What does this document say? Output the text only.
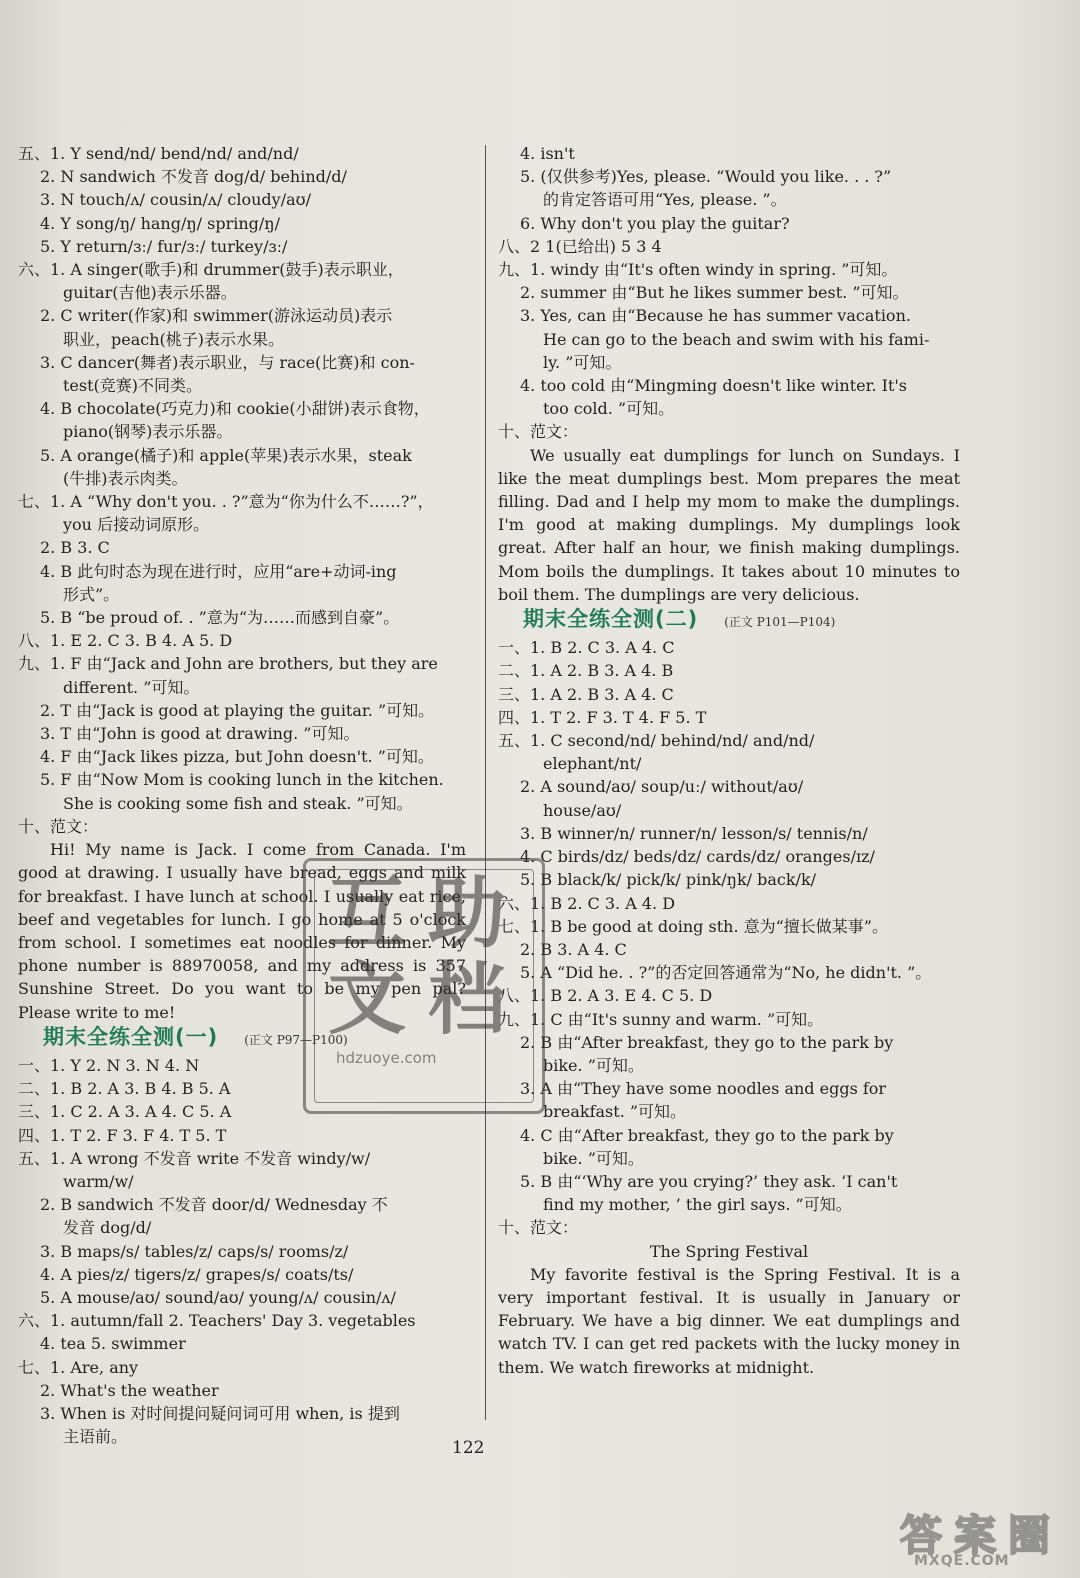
五、1. Y send/nd/ bend/nd/ and/nd/
2. N sandwich 不发音 dog/d/ behind/d/
3. N touch/ʌ/ cousin/ʌ/ cloudy/aʊ/
4. Y song/ŋ/ hang/ŋ/ spring/ŋ/
5. Y return/ɜː/ fur/ɜː/ turkey/ɜː/
六、1. A singer(歌手)和 drummer(鼓手)表示职业，
guitar(吉他)表示乐器。
2. C writer(作家)和 swimmer(游泳运动员)表示
职业，peach(桃子)表示水果。
3. C dancer(舞者)表示职业，与 race(比赛)和 con-
test(竞赛)不同类。
4. B chocolate(巧克力)和 cookie(小甜饼)表示食物，
piano(钢琴)表示乐器。
5. A orange(橘子)和 apple(苹果)表示水果，steak
(牛排)表示肉类。
七、1. A “Why don't you. . ?”意为“你为什么不……?”，
you 后接动词原形。
2. B 3. C
4. B 此句时态为现在进行时，应用“are+动词-ing
形式”。
5. B “be proud of. . ”意为“为……而感到自豪”。
八、1. E 2. C 3. B 4. A 5. D
九、1. F 由“Jack and John are brothers, but they are
different. ”可知。
2. T 由“Jack is good at playing the guitar. ”可知。
3. T 由“John is good at drawing. ”可知。
4. F 由“Jack likes pizza, but John doesn't. ”可知。
5. F 由“Now Mom is cooking lunch in the kitchen.
She is cooking some fish and steak. ”可知。
十、范文：
Hi! My name is Jack. I come from Canada. I'm good at drawing. I usually have bread, eggs and milk for breakfast. I have lunch at school. I usually eat rice, beef and vegetables for lunch. I go home at 5 o'clock from school. I sometimes eat noodles for dinner. My phone number is 88970058, and my address is 357 Sunshine Street. Do you want to be my pen pal? Please write to me!
期末全练全测(一) (正文 P97—P100)
一、1. Y 2. N 3. N 4. N
二、1. B 2. A 3. B 4. B 5. A
三、1. C 2. A 3. A 4. C 5. A
四、1. T 2. F 3. F 4. T 5. T
五、1. A wrong 不发音 write 不发音 windy/w/
warm/w/
2. B sandwich 不发音 door/d/ Wednesday 不
发音 dog/d/
3. B maps/s/ tables/z/ caps/s/ rooms/z/
4. A pies/z/ tigers/z/ grapes/s/ coats/ts/
5. A mouse/aʊ/ sound/aʊ/ young/ʌ/ cousin/ʌ/
六、1. autumn/fall 2. Teachers' Day 3. vegetables
4. tea 5. swimmer
七、1. Are, any
2. What's the weather
3. When is 对时间提问疑问词可用 when, is 提到
主语前。
4. isn't
5. (仅供参考)Yes, please. “Would you like. . . ?”
的肯定答语可用“Yes, please. ”。
6. Why don't you play the guitar?
八、2 1(已给出) 5 3 4
九、1. windy 由“It's often windy in spring. ”可知。
2. summer 由“But he likes summer best. ”可知。
3. Yes, can 由“Because he has summer vacation.
He can go to the beach and swim with his fami-
ly. ”可知。
4. too cold 由“Mingming doesn't like winter. It's
too cold. ”可知。
十、范文：
We usually eat dumplings for lunch on Sundays. I like the meat dumplings best. Mom prepares the meat filling. Dad and I help my mom to make the dumplings. I'm good at making dumplings. My dumplings look great. After half an hour, we finish making dumplings. Mom boils the dumplings. It takes about 10 minutes to boil them. The dumplings are very delicious.
期末全练全测(二) (正文 P101—P104)
一、1. B 2. C 3. A 4. C
二、1. A 2. B 3. A 4. B
三、1. A 2. B 3. A 4. C
四、1. T 2. F 3. T 4. F 5. T
五、1. C second/nd/ behind/nd/ and/nd/
elephant/nt/
2. A sound/aʊ/ soup/uː/ without/aʊ/
house/aʊ/
3. B winner/n/ runner/n/ lesson/s/ tennis/n/
4. C birds/dz/ beds/dz/ cards/dz/ oranges/ɪz/
5. B black/k/ pick/k/ pink/ŋk/ back/k/
六、1. B 2. C 3. A 4. D
七、1. B be good at doing sth. 意为“擅长做某事”。
2. B 3. A 4. C
5. A “Did he. . ?”的否定回答通常为“No, he didn't. ”。
八、1. B 2. A 3. E 4. C 5. D
九、1. C 由“It's sunny and warm. ”可知。
2. B 由“After breakfast, they go to the park by
bike. ”可知。
3. A 由“They have some noodles and eggs for
breakfast. ”可知。
4. C 由“After breakfast, they go to the park by
bike. ”可知。
5. B 由“‘Why are you crying?’ they ask. ‘I can't
find my mother, ’ the girl says. ”可知。
十、范文：
The Spring Festival
My favorite festival is the Spring Festival. It is a very important festival. It is usually in January or February. We have a big dinner. We eat dumplings and watch TV. I can get red packets with the lucky money in them. We watch fireworks at midnight.
122
互 助
文 档
hdzuoye.com
答 案 圈
MXQE.COM
